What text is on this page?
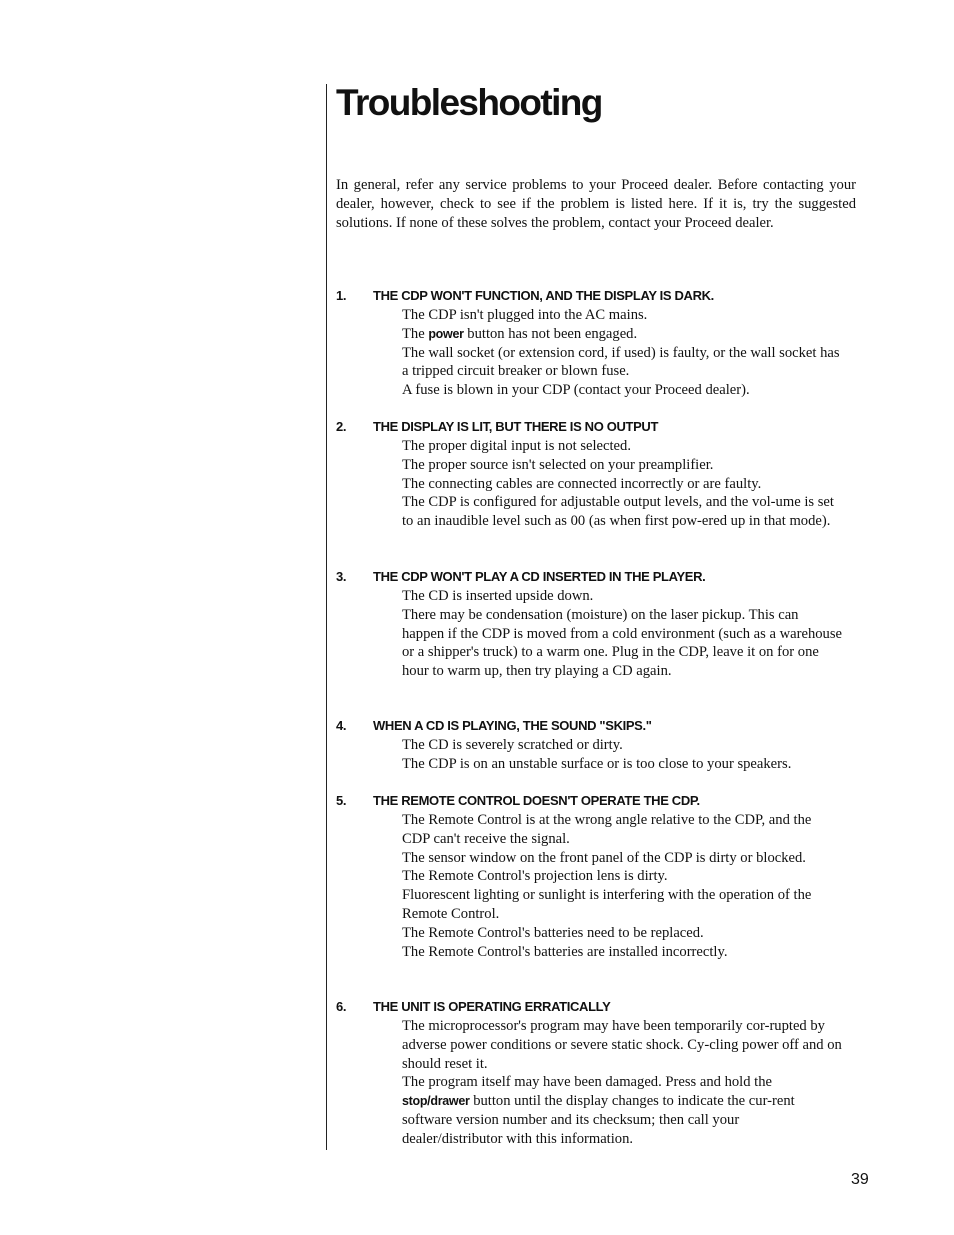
Troubleshooting

In general, refer any service problems to your Proceed dealer. Before contacting your dealer, however, check to see if the problem is listed here. If it is, try the suggested solutions. If none of these solves the problem, contact your Proceed dealer.

1. THE CDP WON'T FUNCTION, AND THE DISPLAY IS DARK.

The CDP isn't plugged into the AC mains.

The power button has not been engaged.

The wall socket (or extension cord, if used) is faulty, or the wall socket has a tripped circuit breaker or blown fuse.

A fuse is blown in your CDP (contact your Proceed dealer).

2. THE DISPLAY IS LIT, BUT THERE IS NO OUTPUT

The proper digital input is not selected.

The proper source isn't selected on your preamplifier.

The connecting cables are connected incorrectly or are faulty.

The CDP is configured for adjustable output levels, and the vol-ume is set to an inaudible level such as 00 (as when first pow-ered up in that mode).

3. THE CDP WON'T PLAY A CD INSERTED IN THE PLAYER.

The CD is inserted upside down.

There may be condensation (moisture) on the laser pickup. This can happen if the CDP is moved from a cold environment (such as a warehouse or a shipper's truck) to a warm one. Plug in the CDP, leave it on for one hour to warm up, then try playing a CD again.

4. WHEN A CD IS PLAYING, THE SOUND "SKIPS."

The CD is severely scratched or dirty.

The CDP is on an unstable surface or is too close to your speakers.

5. THE REMOTE CONTROL DOESN'T OPERATE THE CDP.

The Remote Control is at the wrong angle relative to the CDP, and the CDP can't receive the signal.

The sensor window on the front panel of the CDP is dirty or blocked.

The Remote Control's projection lens is dirty.

Fluorescent lighting or sunlight is interfering with the operation of the Remote Control.

The Remote Control's batteries need to be replaced.

The Remote Control's batteries are installed incorrectly.

6. THE UNIT IS OPERATING ERRATICALLY

The microprocessor's program may have been temporarily cor-rupted by adverse power conditions or severe static shock. Cy-cling power off and on should reset it.

The program itself may have been damaged. Press and hold the stop/drawer button until the display changes to indicate the cur-rent software version number and its checksum; then call your dealer/distributor with this information.

39
